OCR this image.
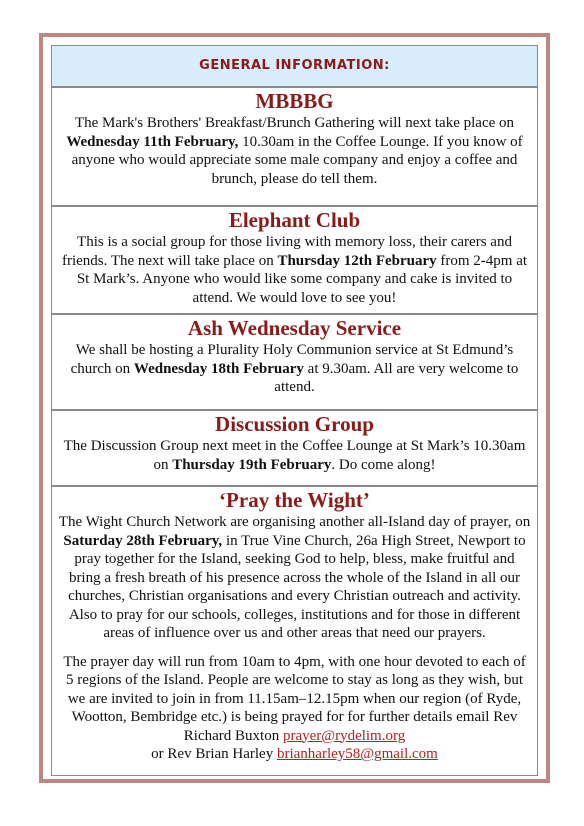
GENERAL INFORMATION:
MBBBG

The Mark's Brothers' Breakfast/Brunch Gathering will next take place on Wednesday 11th February, 10.30am in the Coffee Lounge. If you know of anyone who would appreciate some male company and enjoy a coffee and brunch, please do tell them.

Elephant Club

This is a social group for those living with memory loss, their carers and friends. The next will take place on Thursday 12th February from 2-4pm at St Mark’s. Anyone who would like some company and cake is invited to attend. We would love to see you!

Ash Wednesday Service

We shall be hosting a Plurality Holy Communion service at St Edmund’s church on Wednesday 18th February at 9.30am. All are very welcome to attend.

Discussion Group

The Discussion Group next meet in the Coffee Lounge at St Mark’s 10.30am on Thursday 19th February. Do come along!

‘Pray the Wight’

The Wight Church Network are organising another all-Island day of prayer, on Saturday 28th February, in True Vine Church, 26a High Street, Newport to pray together for the Island, seeking God to help, bless, make fruitful and bring a fresh breath of his presence across the whole of the Island in all our churches, Christian organisations and every Christian outreach and activity. Also to pray for our schools, colleges, institutions and for those in different areas of influence over us and other areas that need our prayers.

The prayer day will run from 10am to 4pm, with one hour devoted to each of 5 regions of the Island. People are welcome to stay as long as they wish, but we are invited to join in from 11.15am–12.15pm when our region (of Ryde, Wootton, Bembridge etc.) is being prayed for for further details email Rev Richard Buxton prayer@rydelim.org
or Rev Brian Harley brianharley58@gmail.com
